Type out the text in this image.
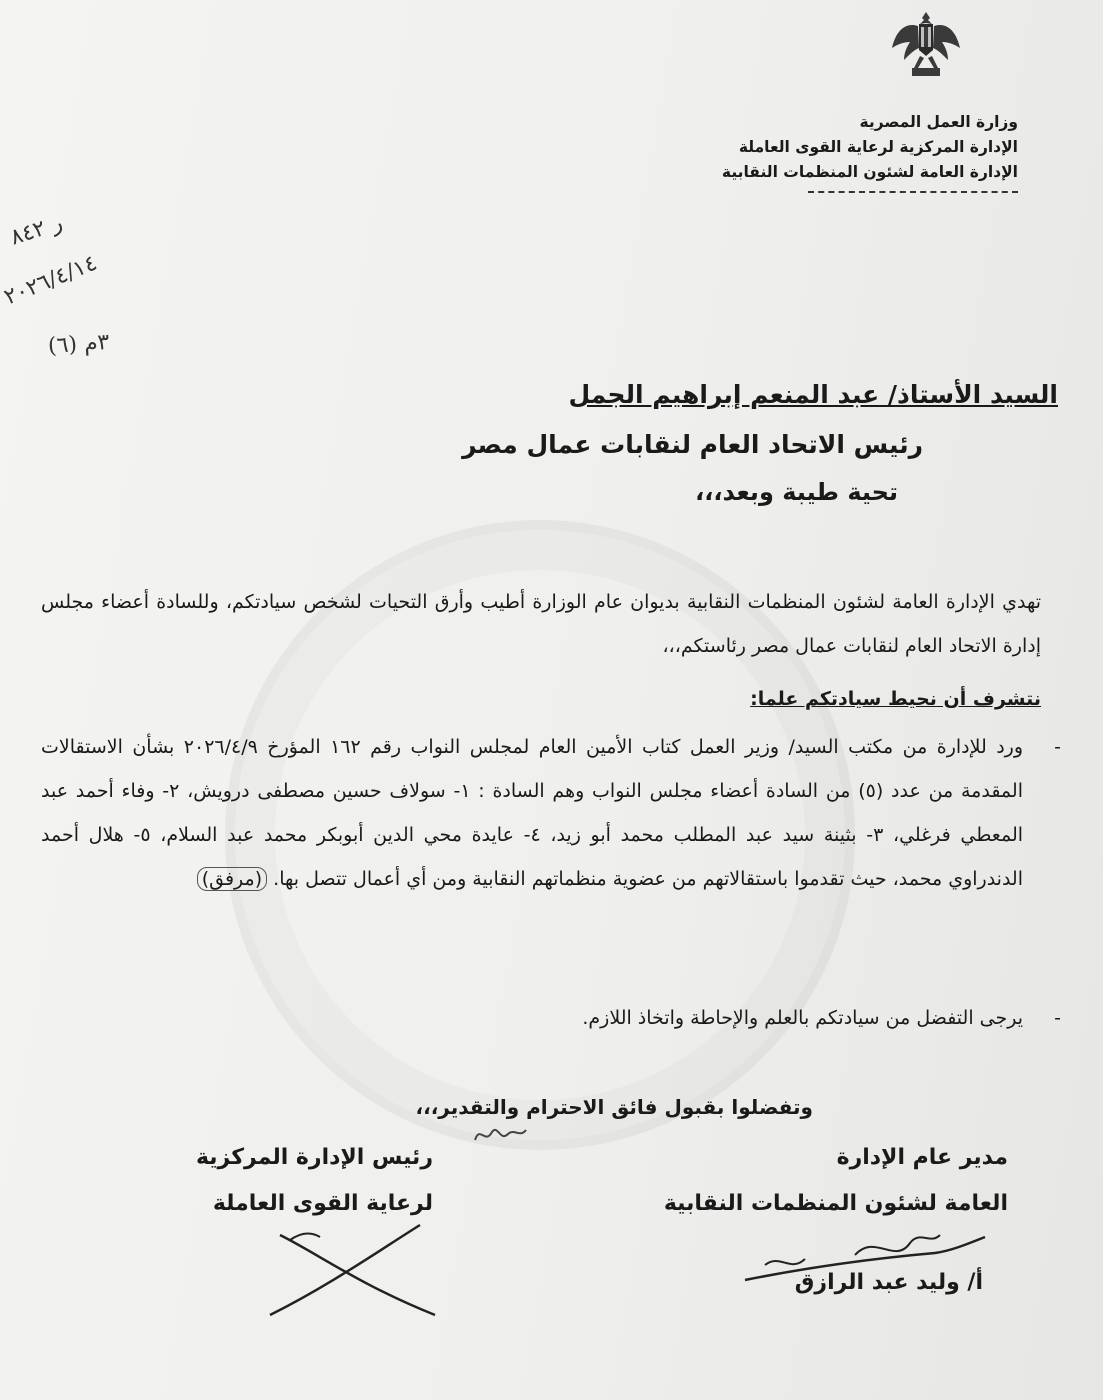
وزارة العمل المصرية
الإدارة المركزية لرعاية القوى العاملة
الإدارة العامة لشئون المنظمات النقابية
ر ٨٤٢
٢٠٢٦/٤/١٤
(٦) ٣م
السيد الأستاذ/ عبد المنعم إبراهيم الجمل
رئيس الاتحاد العام لنقابات عمال مصر
تحية طيبة وبعد،،،
تهدي الإدارة العامة لشئون المنظمات النقابية بديوان عام الوزارة أطيب وأرق التحيات لشخص سيادتكم، وللسادة أعضاء مجلس إدارة الاتحاد العام لنقابات عمال مصر رئاستكم،،،
نتشرف أن نحيط سيادتكم علما:
-
ورد للإدارة من مكتب السيد/ وزير العمل كتاب الأمين العام لمجلس النواب رقم ١٦٢ المؤرخ ٢٠٢٦/٤/٩ بشأن الاستقالات المقدمة من عدد (٥) من السادة أعضاء مجلس النواب وهم السادة : ١- سولاف حسين مصطفى درويش، ٢- وفاء أحمد عبد المعطي فرغلي، ٣- بثينة سيد عبد المطلب محمد أبو زيد، ٤- عايدة محي الدين أبوبكر محمد عبد السلام، ٥- هلال أحمد الدندراوي محمد، حيث تقدموا باستقالاتهم من عضوية منظماتهم النقابية ومن أي أعمال تتصل بها. (مرفق)
-
يرجى التفضل من سيادتكم بالعلم والإحاطة واتخاذ اللازم.
وتفضلوا بقبول فائق الاحترام والتقدير،،،
مدير عام الإدارة
العامة لشئون المنظمات النقابية
رئيس الإدارة المركزية
لرعاية القوى العاملة
أ/ وليد عبد الرازق
